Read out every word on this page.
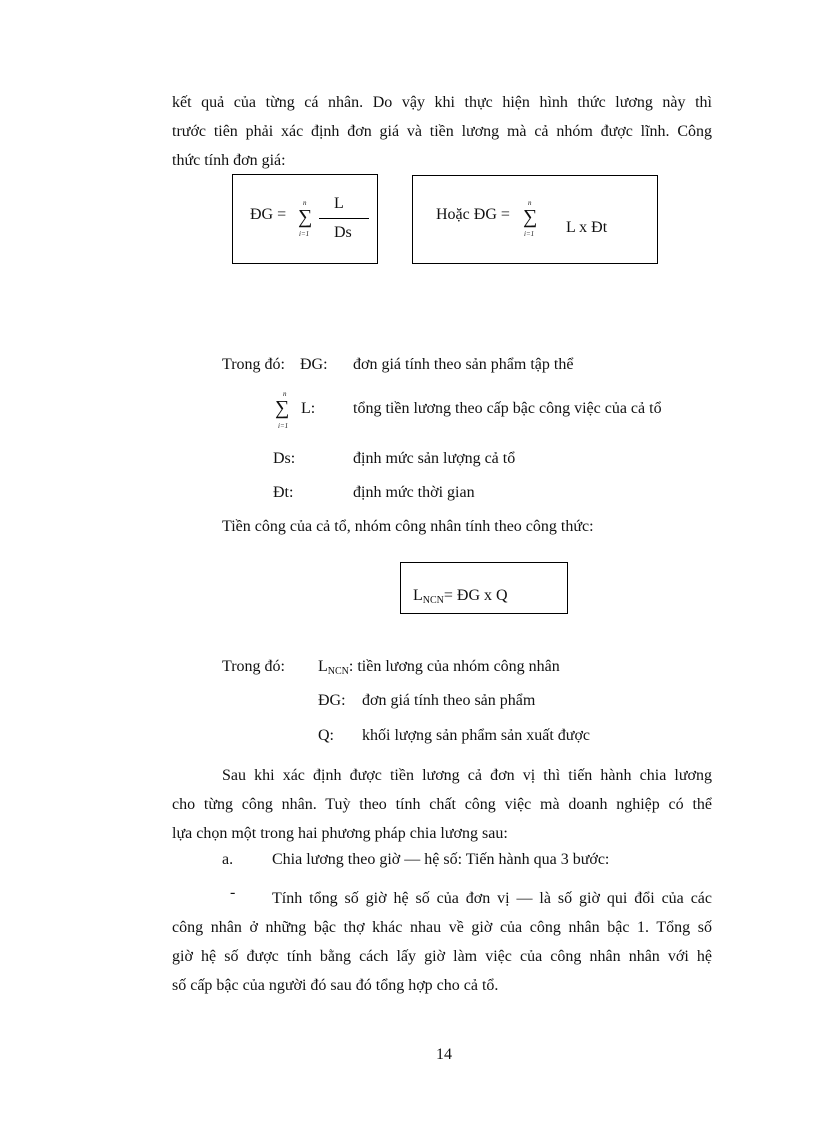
kết quả của từng cá nhân. Do vậy khi thực hiện hình thức lương này thì
trước tiên phải xác định đơn giá và tiền lương mà cả nhóm được lĩnh. Công
thức tính đơn giá:
ĐG =
n
∑
i=1
L
Ds
Hoặc ĐG =
n
∑
i=1 L x Đt
Trong đó: ĐG: đơn giá tính theo sản phẩm tập thể
n
∑
i=1
L: tổng tiền lương theo cấp bậc công việc của cả tổ
Ds:	định mức sản lượng cả tổ
Đt:	định mức thời gian
Tiền công của cả tổ, nhóm công nhân tính theo công thức:
$L_{NCN}=$ ĐG x Q
Trong đó: $L_{NCN}$: tiền lương của nhóm công nhân
ĐG: đơn giá tính theo sản phẩm
Q: khối lượng sản phẩm sản xuất được
Sau khi xác định được tiền lương cả đơn vị thì tiến hành chia lương
cho từng công nhân. Tuỳ theo tính chất công việc mà doanh nghiệp có thể
lựa chọn một trong hai phương pháp chia lương sau:
a. Chia lương theo giờ — hệ số: Tiến hành qua 3 bước:
-	Tính tổng số giờ hệ số của đơn vị — là số giờ qui đổi của các
công nhân ở những bậc thợ khác nhau về giờ của công nhân bậc 1. Tổng số
giờ hệ số được tính bằng cách lấy giờ làm việc của công nhân nhân với hệ
số cấp bậc của người đó sau đó tổng hợp cho cả tổ.
14
